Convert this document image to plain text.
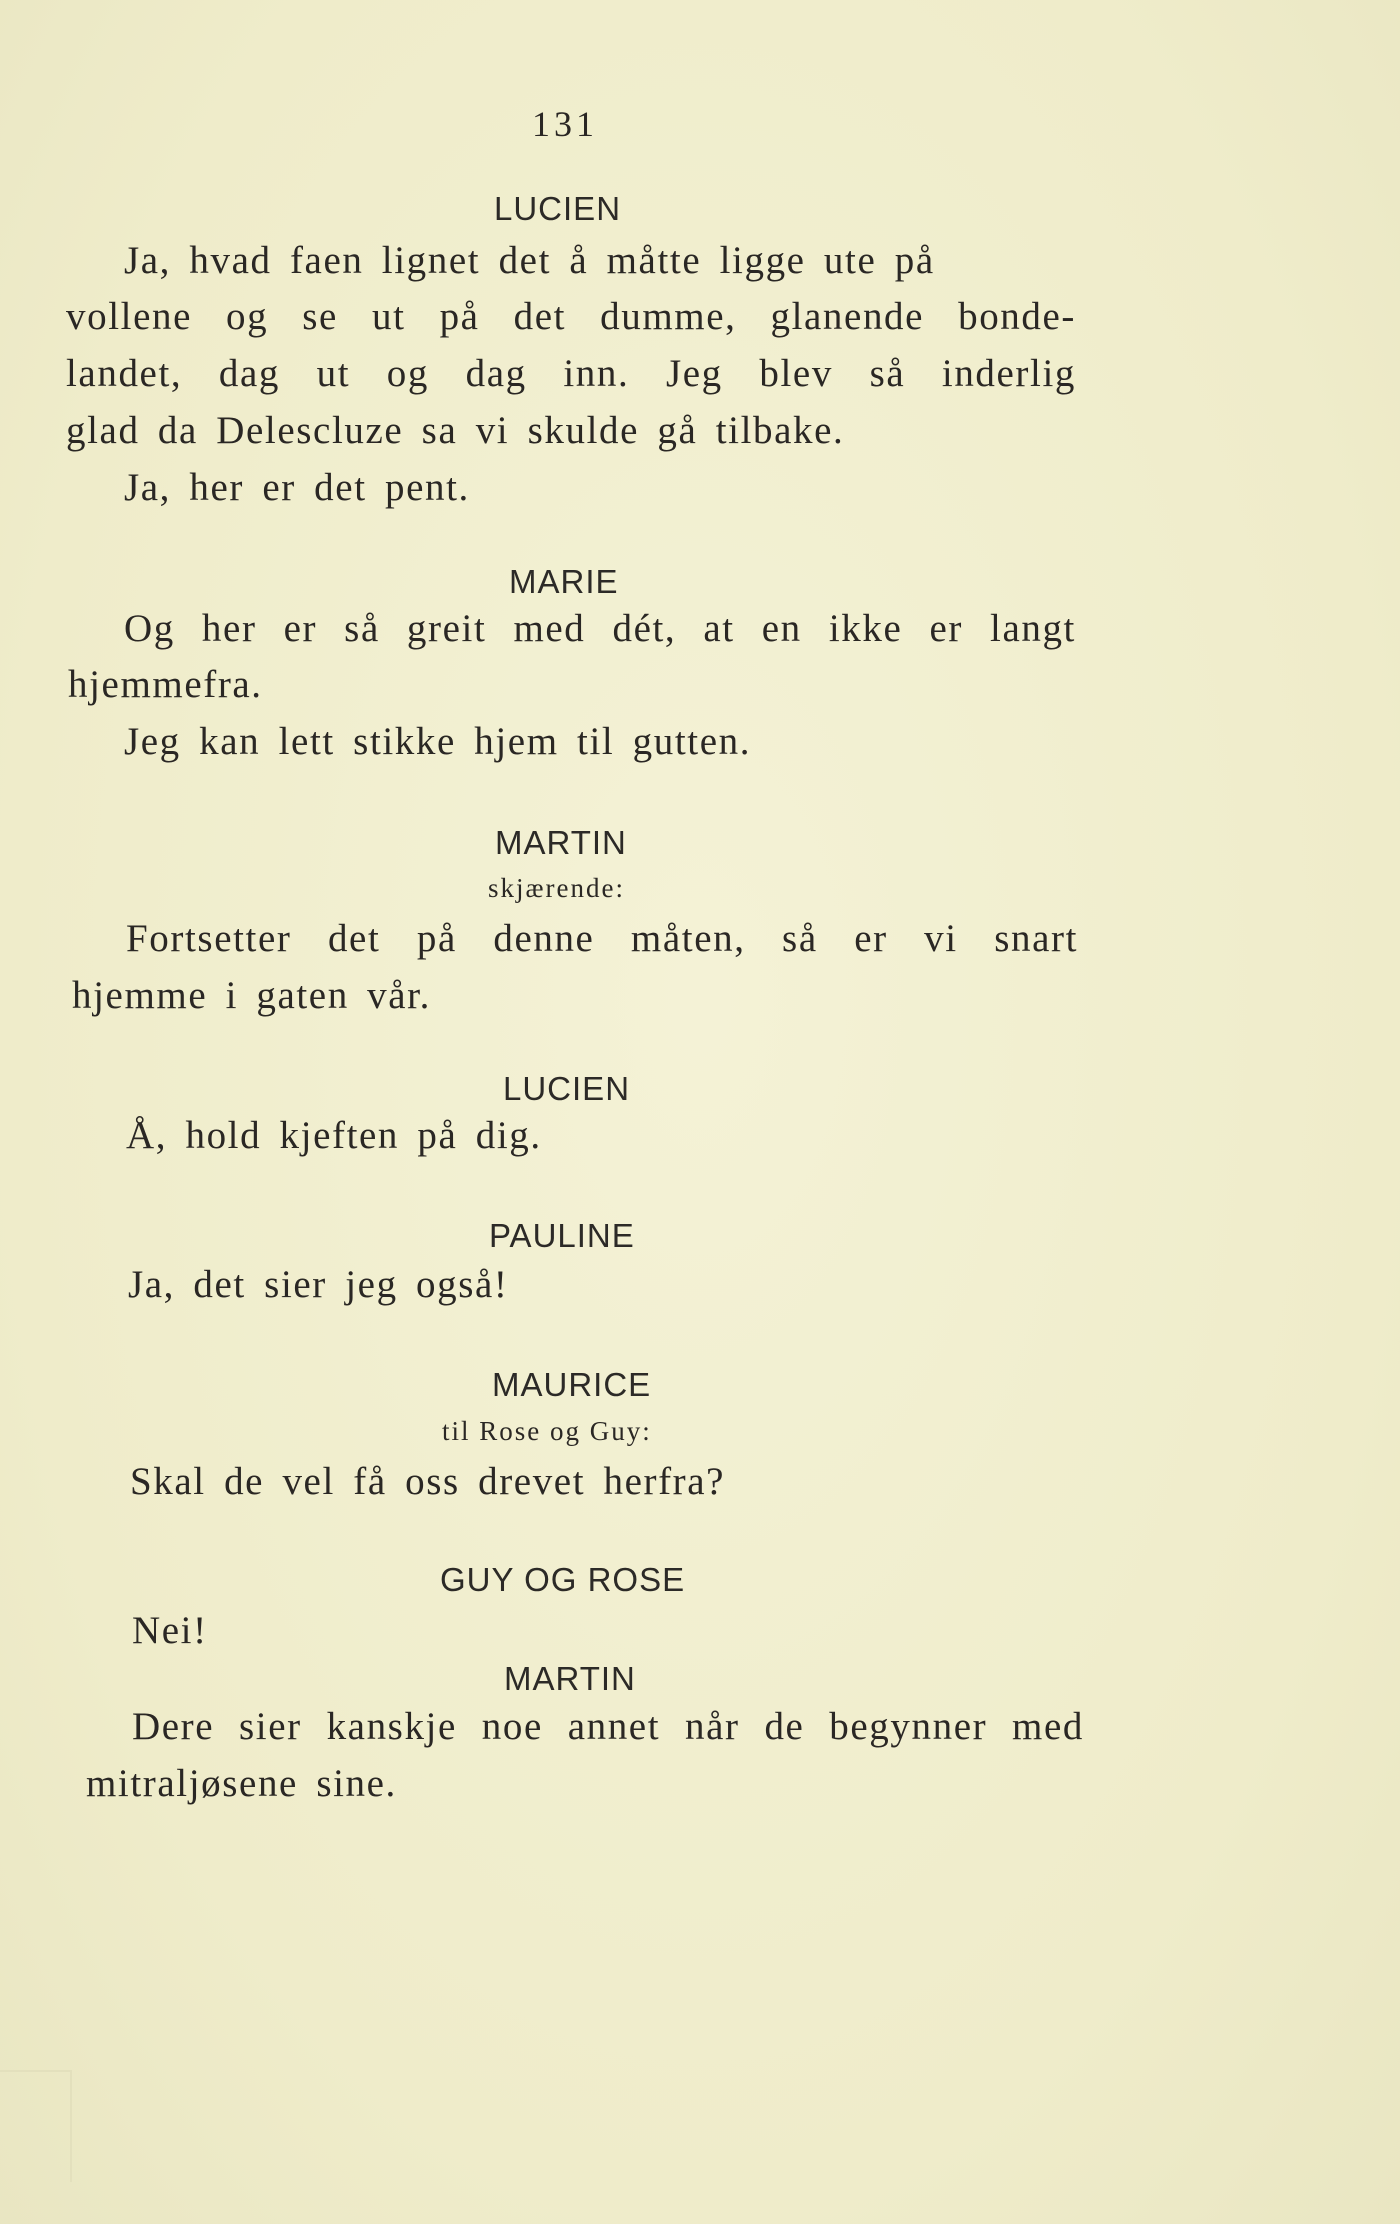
131
LUCIEN
Ja, hvad faen lignet det å måtte ligge ute på
vollene og se ut på det dumme, glanende bonde-
landet, dag ut og dag inn. Jeg blev så inderlig
glad da Delescluze sa vi skulde gå tilbake.
Ja, her er det pent.
MARIE
Og her er så greit med dét, at en ikke er langt
hjemmefra.
Jeg kan lett stikke hjem til gutten.
MARTIN
skjærende:
Fortsetter det på denne måten, så er vi snart
hjemme i gaten vår.
LUCIEN
Å, hold kjeften på dig.
PAULINE
Ja, det sier jeg også!
MAURICE
til Rose og Guy:
Skal de vel få oss drevet herfra?
GUY OG ROSE
Nei!
MARTIN
Dere sier kanskje noe annet når de begynner med
mitraljøsene sine.
